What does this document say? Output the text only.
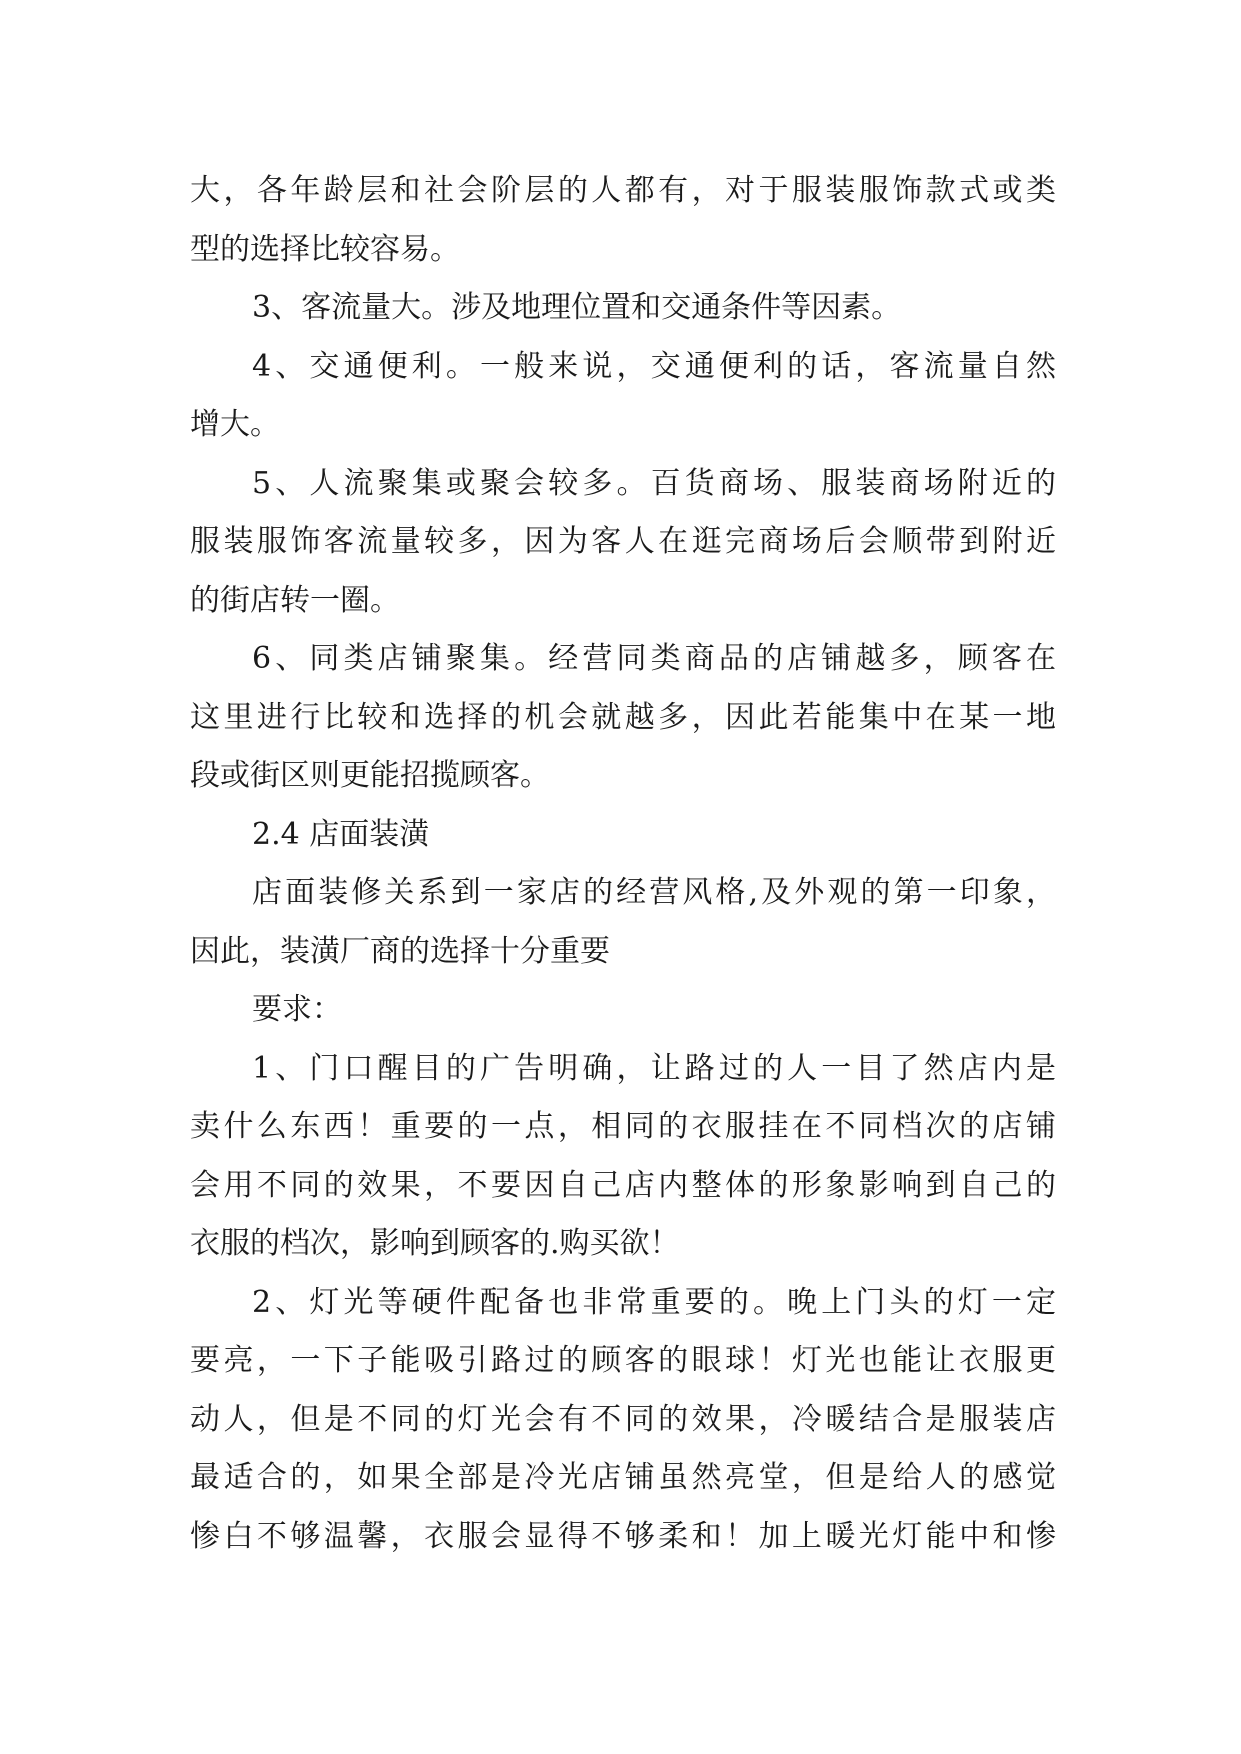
大，各年龄层和社会阶层的人都有，对于服装服饰款式或类
型的选择比较容易。
3、客流量大。涉及地理位置和交通条件等因素。
4、交通便利。一般来说，交通便利的话，客流量自然
增大。
5、人流聚集或聚会较多。百货商场、服装商场附近的
服装服饰客流量较多，因为客人在逛完商场后会顺带到附近
的街店转一圈。
6、同类店铺聚集。经营同类商品的店铺越多，顾客在
这里进行比较和选择的机会就越多，因此若能集中在某一地
段或街区则更能招揽顾客。
2.4 店面装潢
店面装修关系到一家店的经营风格,及外观的第一印象，
因此，装潢厂商的选择十分重要
要求：
1、门口醒目的广告明确，让路过的人一目了然店内是
卖什么东西！重要的一点，相同的衣服挂在不同档次的店铺
会用不同的效果，不要因自己店内整体的形象影响到自己的
衣服的档次，影响到顾客的.购买欲！
2、灯光等硬件配备也非常重要的。晚上门头的灯一定
要亮，一下子能吸引路过的顾客的眼球！灯光也能让衣服更
动人，但是不同的灯光会有不同的效果，冷暖结合是服装店
最适合的，如果全部是冷光店铺虽然亮堂，但是给人的感觉
惨白不够温馨，衣服会显得不够柔和！加上暖光灯能中和惨
